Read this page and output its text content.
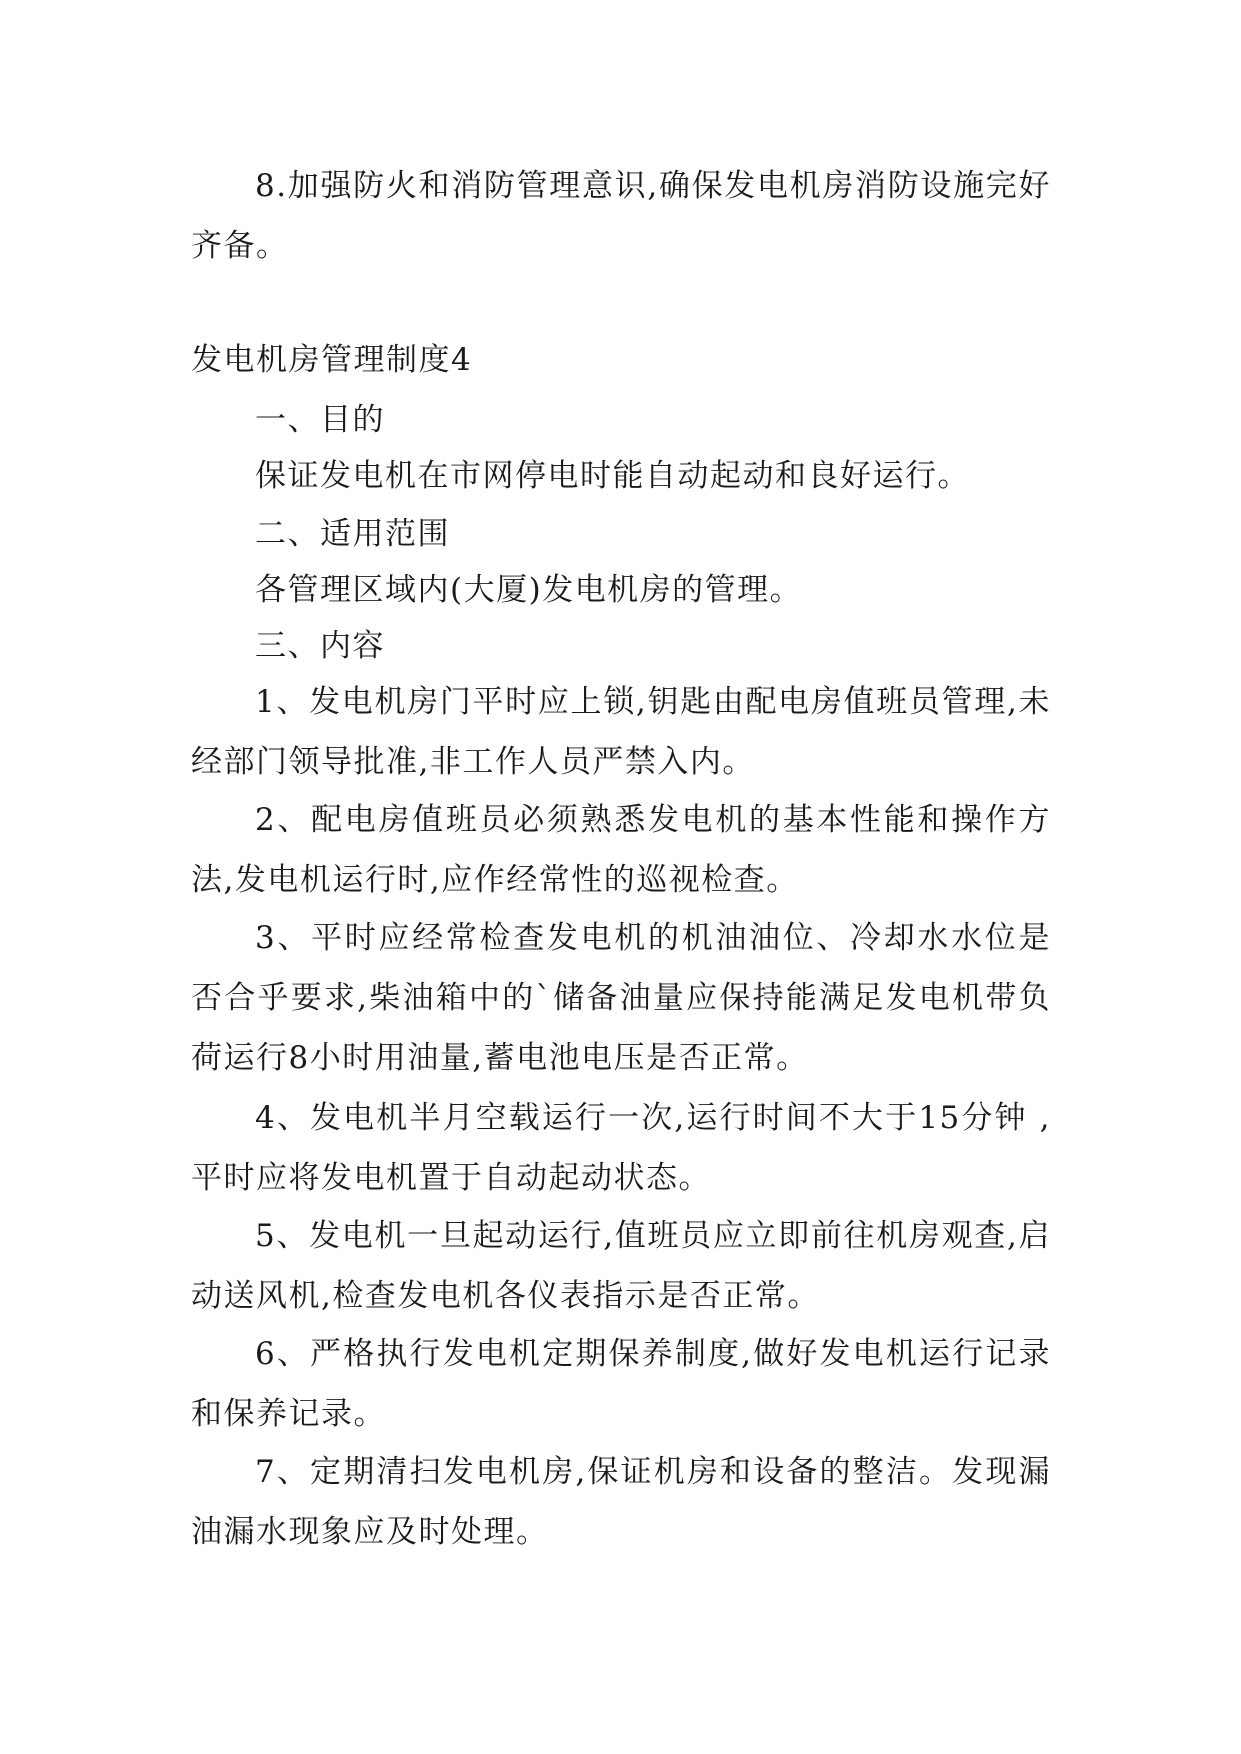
8.加强防火和消防管理意识,确保发电机房消防设施完好齐备。

发电机房管理制度4

一、目的

保证发电机在市网停电时能自动起动和良好运行。

二、适用范围

各管理区域内(大厦)发电机房的管理。

三、内容

1、发电机房门平时应上锁,钥匙由配电房值班员管理,未经部门领导批准,非工作人员严禁入内。

2、配电房值班员必须熟悉发电机的基本性能和操作方法,发电机运行时,应作经常性的巡视检查。

3、平时应经常检查发电机的机油油位、冷却水水位是否合乎要求,柴油箱中的`储备油量应保持能满足发电机带负荷运行8小时用油量,蓄电池电压是否正常。

4、发电机半月空载运行一次,运行时间不大于15分钟 ,平时应将发电机置于自动起动状态。

5、发电机一旦起动运行,值班员应立即前往机房观查,启动送风机,检查发电机各仪表指示是否正常。

6、严格执行发电机定期保养制度,做好发电机运行记录和保养记录。

7、定期清扫发电机房,保证机房和设备的整洁。发现漏油漏水现象应及时处理。
